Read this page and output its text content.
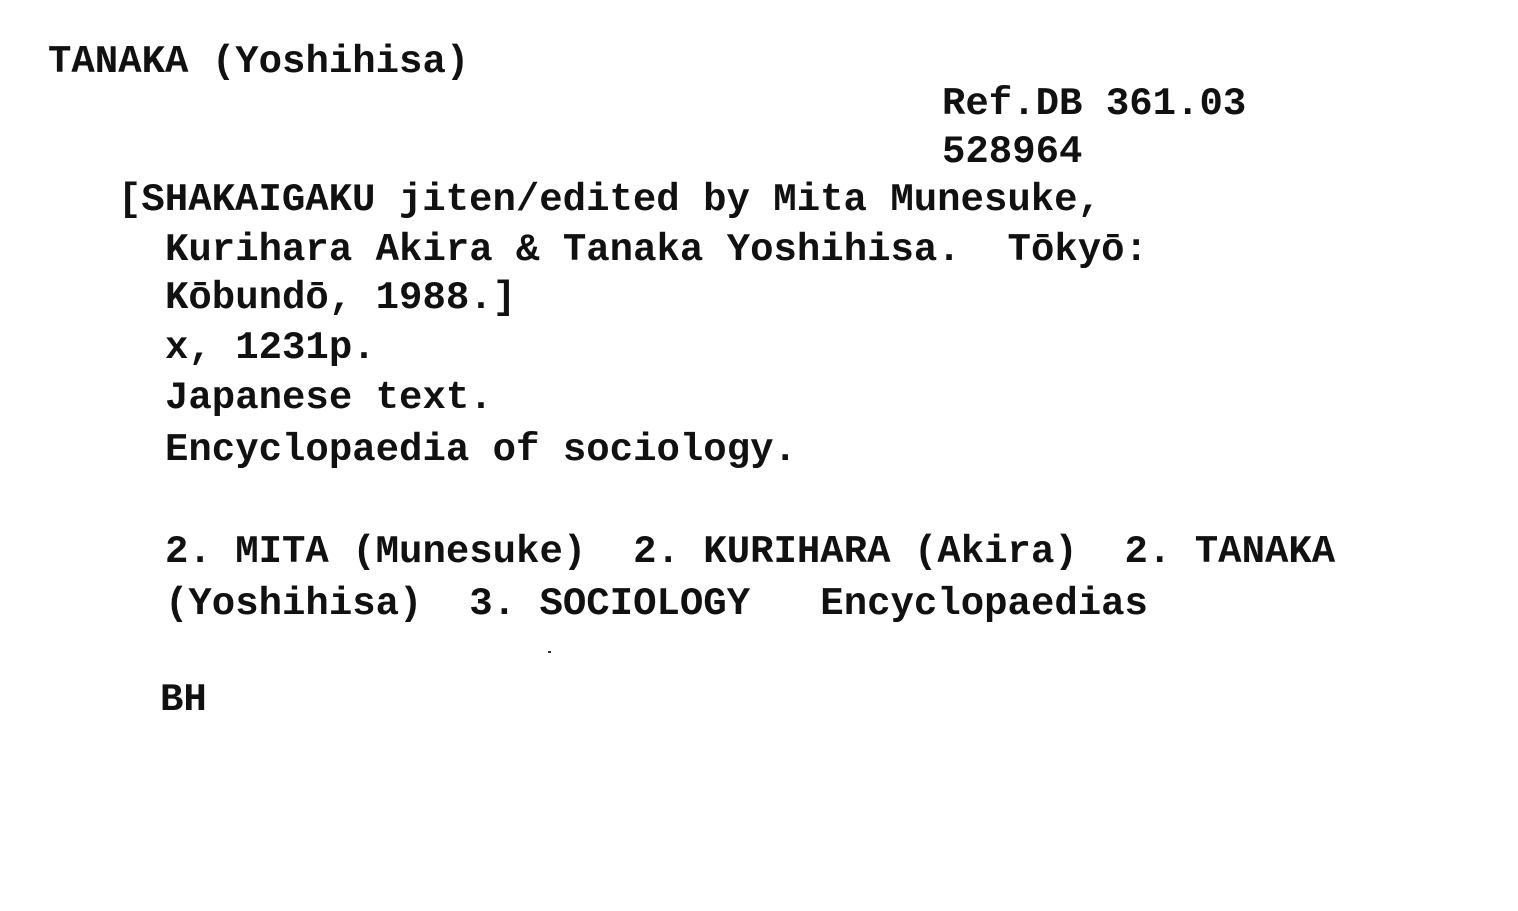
TANAKA (Yoshihisa)
Ref.DB 361.03
528964
[SHAKAIGAKU jiten/edited by Mita Munesuke,
Kurihara Akira & Tanaka Yoshihisa.  Tōkyō:
Kōbundō, 1988.]
x, 1231p.
Japanese text.
Encyclopaedia of sociology.
2. MITA (Munesuke)  2. KURIHARA (Akira)  2. TANAKA
(Yoshihisa)  3. SOCIOLOGY   Encyclopaedias
BH
